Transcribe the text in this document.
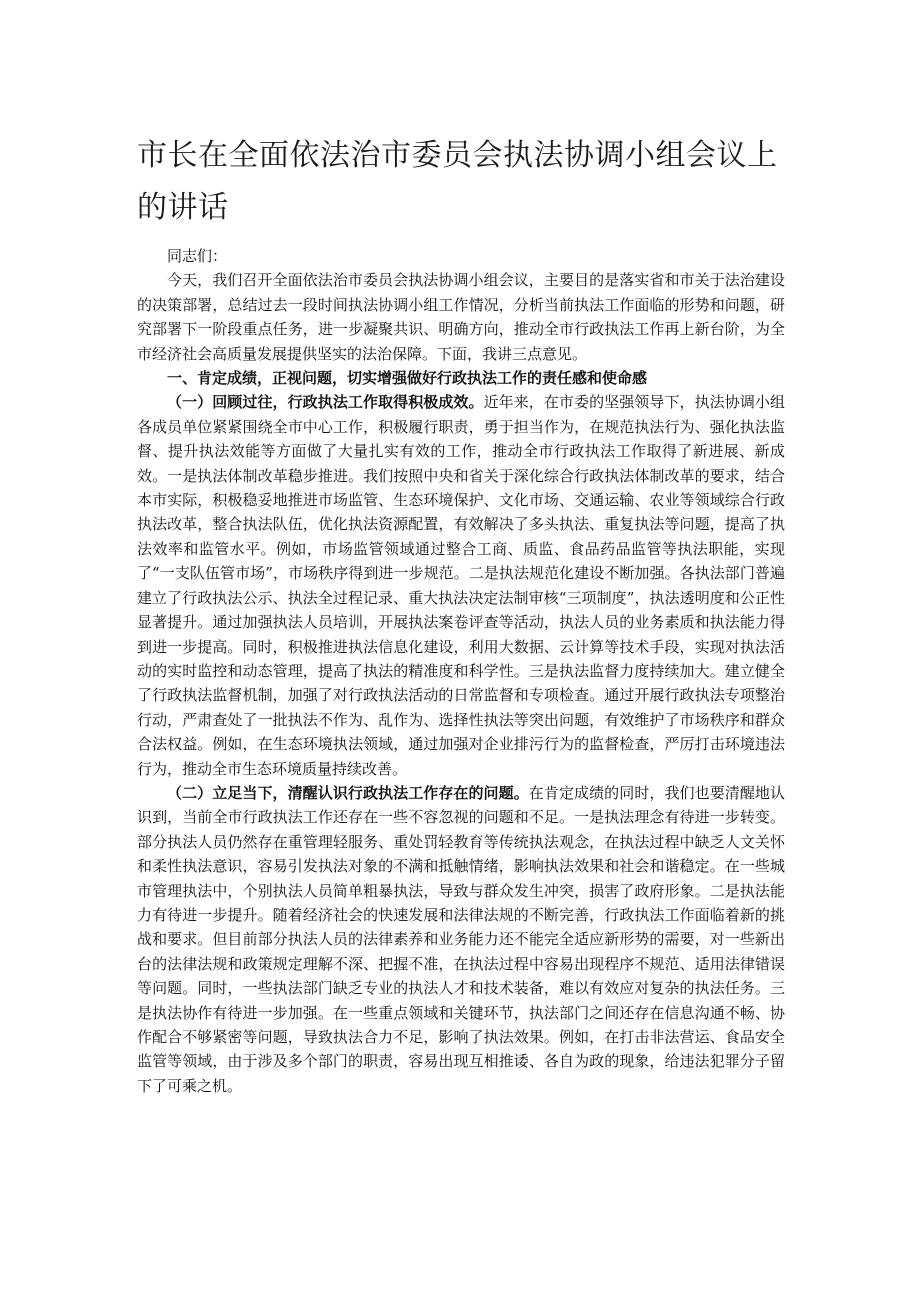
市长在全面依法治市委员会执法协调小组会议上的讲话

同志们：

今天，我们召开全面依法治市委员会执法协调小组会议，主要目的是落实省和市关于法治建设的决策部署，总结过去一段时间执法协调小组工作情况，分析当前执法工作面临的形势和问题，研究部署下一阶段重点任务，进一步凝聚共识、明确方向，推动全市行政执法工作再上新台阶，为全市经济社会高质量发展提供坚实的法治保障。下面，我讲三点意见。

一、肯定成绩，正视问题，切实增强做好行政执法工作的责任感和使命感

（一）回顾过往，行政执法工作取得积极成效。近年来，在市委的坚强领导下，执法协调小组各成员单位紧紧围绕全市中心工作，积极履行职责，勇于担当作为，在规范执法行为、强化执法监督、提升执法效能等方面做了大量扎实有效的工作，推动全市行政执法工作取得了新进展、新成效。一是执法体制改革稳步推进。我们按照中央和省关于深化综合行政执法体制改革的要求，结合本市实际，积极稳妥地推进市场监管、生态环境保护、文化市场、交通运输、农业等领域综合行政执法改革，整合执法队伍，优化执法资源配置，有效解决了多头执法、重复执法等问题，提高了执法效率和监管水平。例如，市场监管领域通过整合工商、质监、食品药品监管等执法职能，实现了“一支队伍管市场”，市场秩序得到进一步规范。二是执法规范化建设不断加强。各执法部门普遍建立了行政执法公示、执法全过程记录、重大执法决定法制审核“三项制度”，执法透明度和公正性显著提升。通过加强执法人员培训，开展执法案卷评查等活动，执法人员的业务素质和执法能力得到进一步提高。同时，积极推进执法信息化建设，利用大数据、云计算等技术手段，实现对执法活动的实时监控和动态管理，提高了执法的精准度和科学性。三是执法监督力度持续加大。建立健全了行政执法监督机制，加强了对行政执法活动的日常监督和专项检查。通过开展行政执法专项整治行动，严肃查处了一批执法不作为、乱作为、选择性执法等突出问题，有效维护了市场秩序和群众合法权益。例如，在生态环境执法领域，通过加强对企业排污行为的监督检查，严厉打击环境违法行为，推动全市生态环境质量持续改善。

（二）立足当下，清醒认识行政执法工作存在的问题。在肯定成绩的同时，我们也要清醒地认识到，当前全市行政执法工作还存在一些不容忽视的问题和不足。一是执法理念有待进一步转变。部分执法人员仍然存在重管理轻服务、重处罚轻教育等传统执法观念，在执法过程中缺乏人文关怀和柔性执法意识，容易引发执法对象的不满和抵触情绪，影响执法效果和社会和谐稳定。在一些城市管理执法中，个别执法人员简单粗暴执法，导致与群众发生冲突，损害了政府形象。二是执法能力有待进一步提升。随着经济社会的快速发展和法律法规的不断完善，行政执法工作面临着新的挑战和要求。但目前部分执法人员的法律素养和业务能力还不能完全适应新形势的需要，对一些新出台的法律法规和政策规定理解不深、把握不准，在执法过程中容易出现程序不规范、适用法律错误等问题。同时，一些执法部门缺乏专业的执法人才和技术装备，难以有效应对复杂的执法任务。三是执法协作有待进一步加强。在一些重点领域和关键环节，执法部门之间还存在信息沟通不畅、协作配合不够紧密等问题，导致执法合力不足，影响了执法效果。例如，在打击非法营运、食品安全监管等领域，由于涉及多个部门的职责，容易出现互相推诿、各自为政的现象，给违法犯罪分子留下了可乘之机。
